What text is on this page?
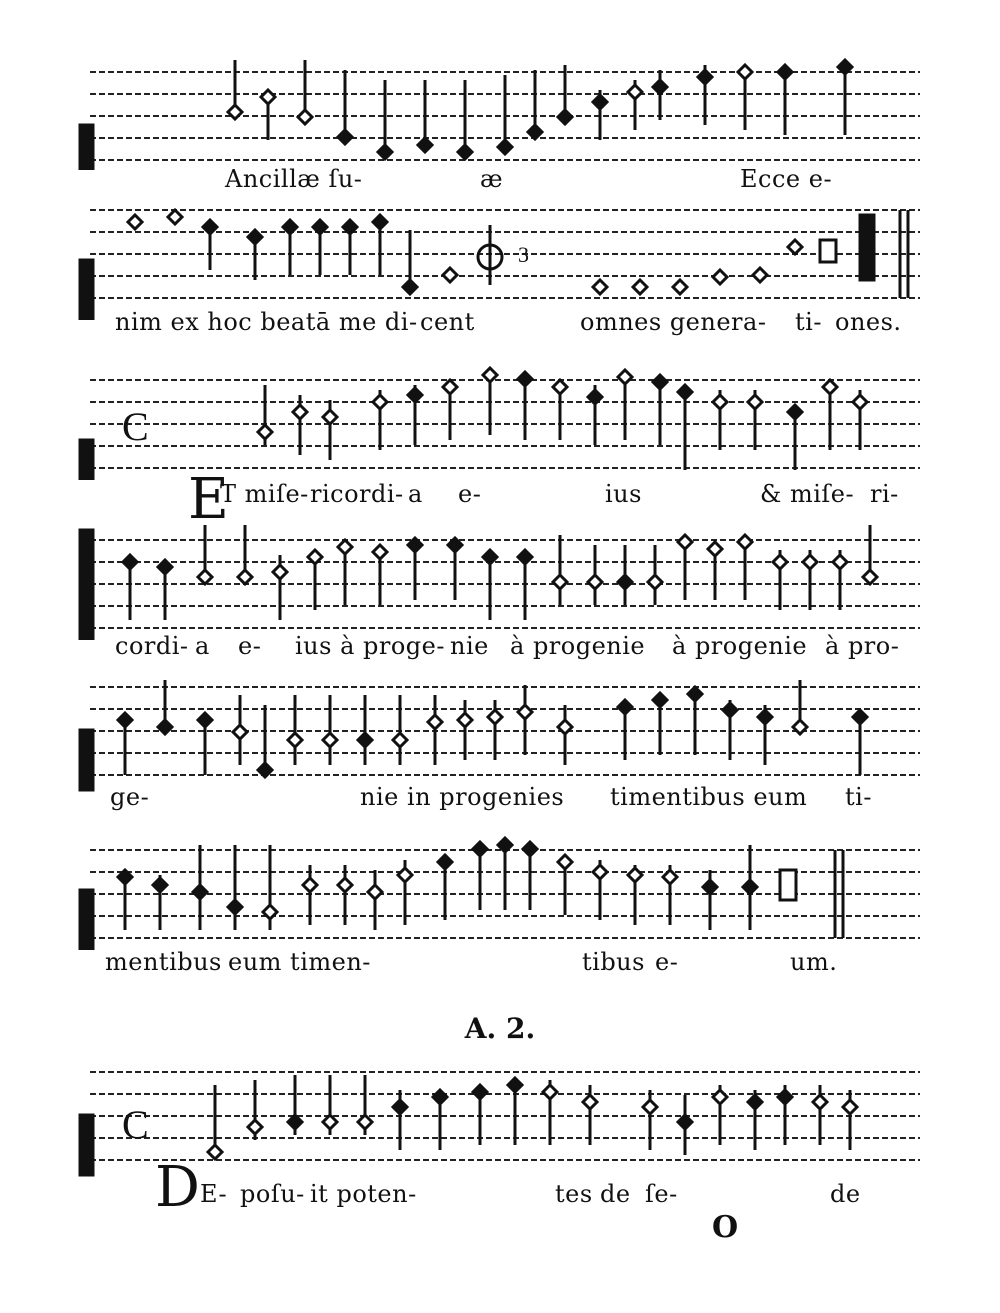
Ancillæ ſu-	æ	Ecce e-
3
nim ex hoc beatā me di- cent	omnes genera- ti- ones.
C
E
T miſe- ricordi- a e-	ius	& miſe- ri-
cordi- a e- ius à proge- nie à progenie à progenie à pro-
ge-	nie in progenies timentibus eum ti-
mentibus eum timen-	tibus e-	um.
A. 2.
C
D E- poſu- it poten-	tes de ſe-	de
O
